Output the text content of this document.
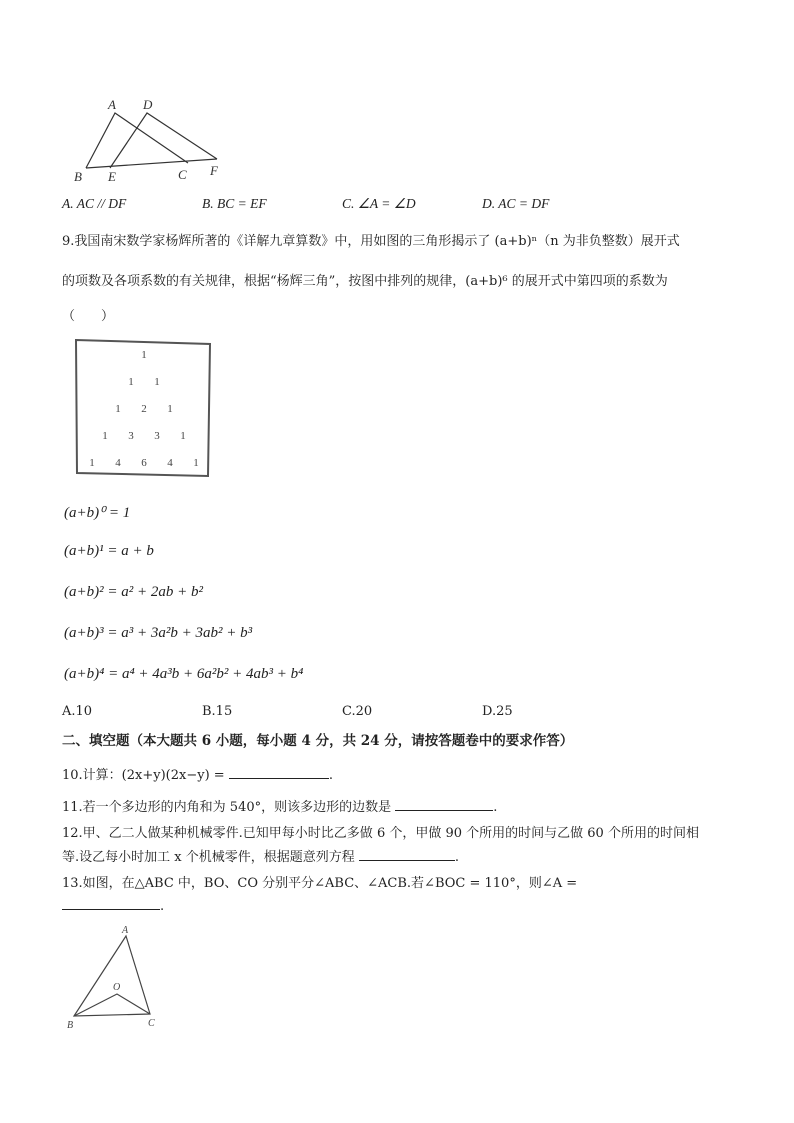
A D
B E	C F
A. AC // DF	B. BC = EF	C. ∠A = ∠D	D. AC = DF
9.我国南宋数学家杨辉所著的《详解九章算数》中，用如图的三角形揭示了 (a+b)ⁿ（n 为非负整数）展开式
的项数及各项系数的有关规律，根据“杨辉三角”，按图中排列的规律，(a+b)⁶ 的展开式中第四项的系数为
（　　）
1
1 1
1 2 1
1 3 3 1
1 4 6 4 1
(a+b)⁰ = 1
(a+b)¹ = a + b
(a+b)² = a² + 2ab + b²
(a+b)³ = a³ + 3a²b + 3ab² + b³
(a+b)⁴ = a⁴ + 4a³b + 6a²b² + 4ab³ + b⁴
A.10	B.15	C.20	D.25
二、填空题（本大题共 6 小题，每小题 4 分，共 24 分，请按答题卷中的要求作答）
10.计算：(2x+y)(2x−y) =	.
11.若一个多边形的内角和为 540°，则该多边形的边数是	.
12.甲、乙二人做某种机械零件.已知甲每小时比乙多做 6 个，甲做 90 个所用的时间与乙做 60 个所用的时间相
等.设乙每小时加工 x 个机械零件，根据题意列方程	.
13.如图，在△ABC 中，BO、CO 分别平分∠ABC、∠ACB.若∠BOC = 110°，则∠A =
.
A
O
B	C
